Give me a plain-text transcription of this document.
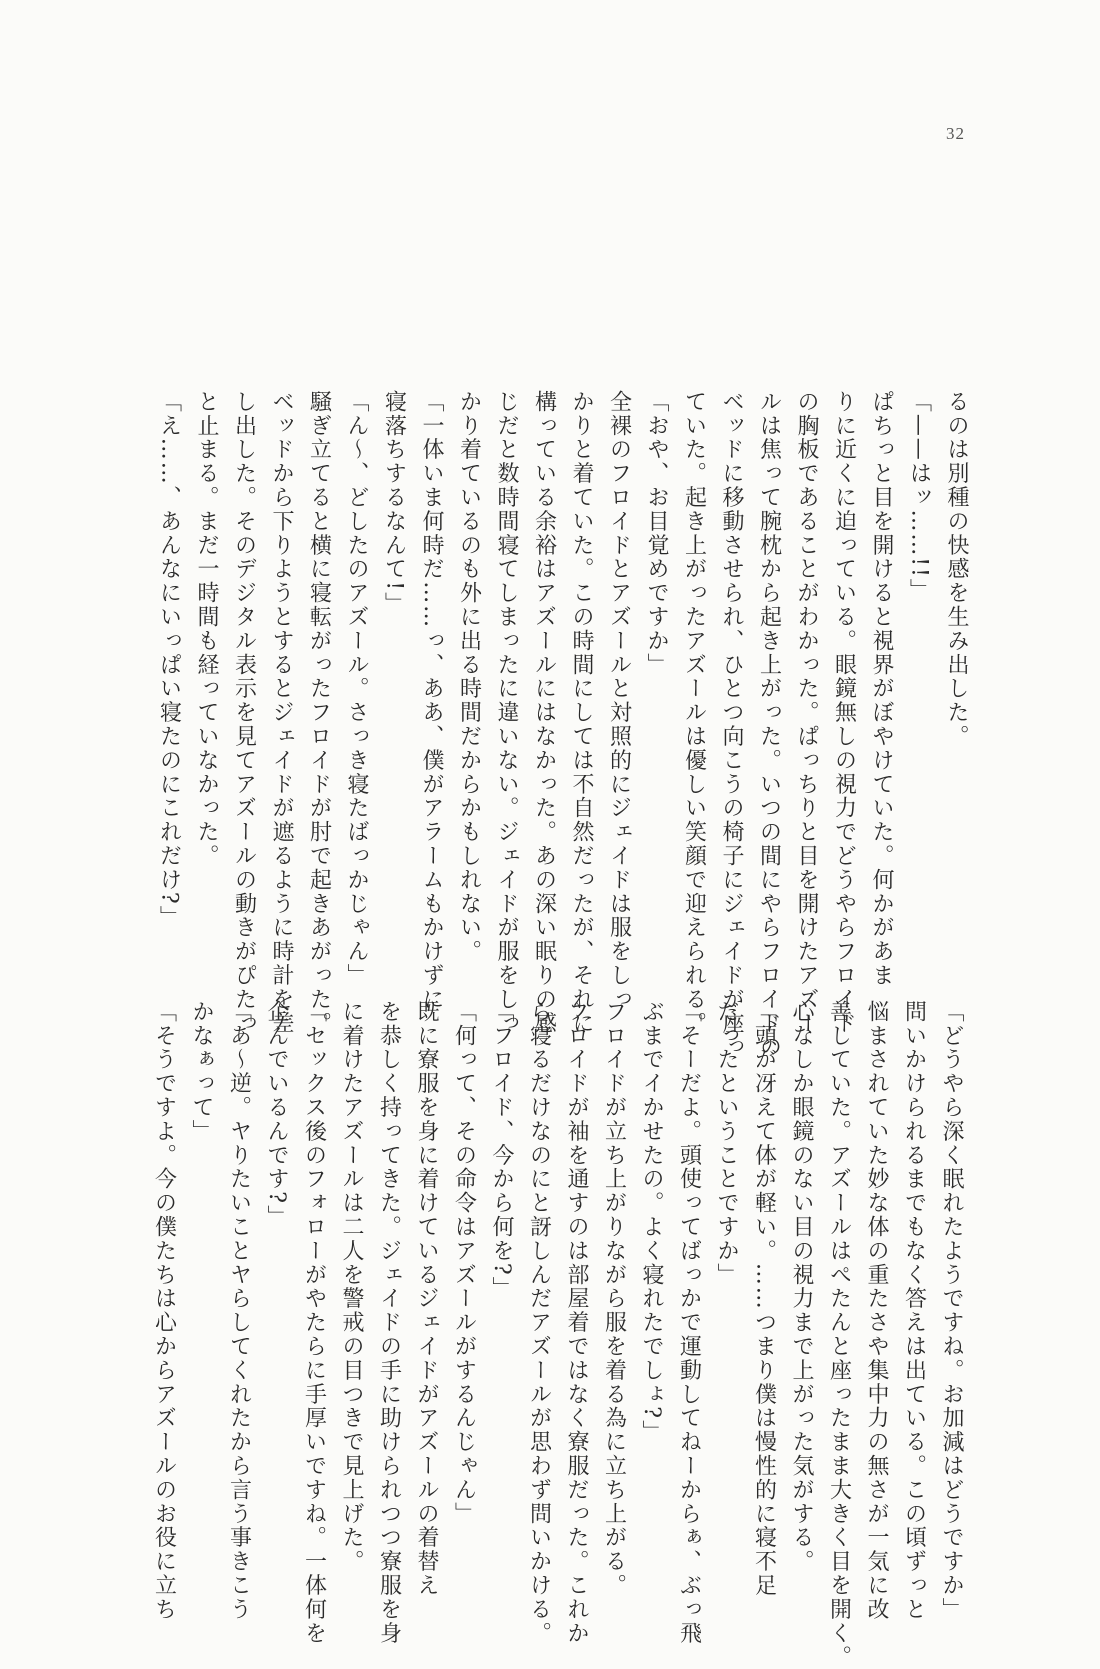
32
るのは別種の快感を生み出した。
「——はッ……!!」
ぱちっと目を開けると視界がぼやけていた。何かがあま
りに近くに迫っている。眼鏡無しの視力でどうやらフロイド
の胸板であることがわかった。ぱっちりと目を開けたアズー
ルは焦って腕枕から起き上がった。いつの間にやらフロイドの
ベッドに移動させられ、ひとつ向こうの椅子にジェイドが座っ
ていた。起き上がったアズールは優しい笑顔で迎えられる。
「おや、お目覚めですか」
全裸のフロイドとアズールと対照的にジェイドは服をしっ
かりと着ていた。この時間にしては不自然だったが、それに
構っている余裕はアズールにはなかった。あの深い眠りの感
じだと数時間寝てしまったに違いない。ジェイドが服をしっ
かり着ているのも外に出る時間だからかもしれない。
「一体いま何時だ……っ、ああ、僕がアラームもかけずに
寝落ちするなんて!」
「ん〜、どしたのアズール。さっき寝たばっかじゃん」
騒ぎ立てると横に寝転がったフロイドが肘で起きあがった。
ベッドから下りようとするとジェイドが遮るように時計を差
し出した。そのデジタル表示を見てアズールの動きがぴたっ
と止まる。まだ一時間も経っていなかった。
「え……、あんなにいっぱい寝たのにこれだけ?」
「どうやら深く眠れたようですね。お加減はどうですか」
問いかけられるまでもなく答えは出ている。この頃ずっと
悩まされていた妙な体の重たさや集中力の無さが一気に改
善していた。アズールはぺたんと座ったまま大きく目を開く。
心なしか眼鏡のない目の視力まで上がった気がする。
「頭が冴えて体が軽い。……つまり僕は慢性的に寝不足
だったということですか」
「そーだよ。頭使ってばっかで運動してねーからぁ、ぶっ飛
ぶまでイかせたの。よく寝れたでしょ?」
フロイドが立ち上がりながら服を着る為に立ち上がる。
フロイドが袖を通すのは部屋着ではなく寮服だった。これか
ら寝るだけなのにと訝しんだアズールが思わず問いかける。
「フロイド、今から何を?」
「何って、その命令はアズールがするんじゃん」
既に寮服を身に着けているジェイドがアズールの着替え
を恭しく持ってきた。ジェイドの手に助けられつつ寮服を身
に着けたアズールは二人を警戒の目つきで見上げた。
「セックス後のフォローがやたらに手厚いですね。一体何を
企んでいるんです?」
「あ〜逆。ヤりたいことヤらしてくれたから言う事きこう
かなぁって」
「そうですよ。今の僕たちは心からアズールのお役に立ち
